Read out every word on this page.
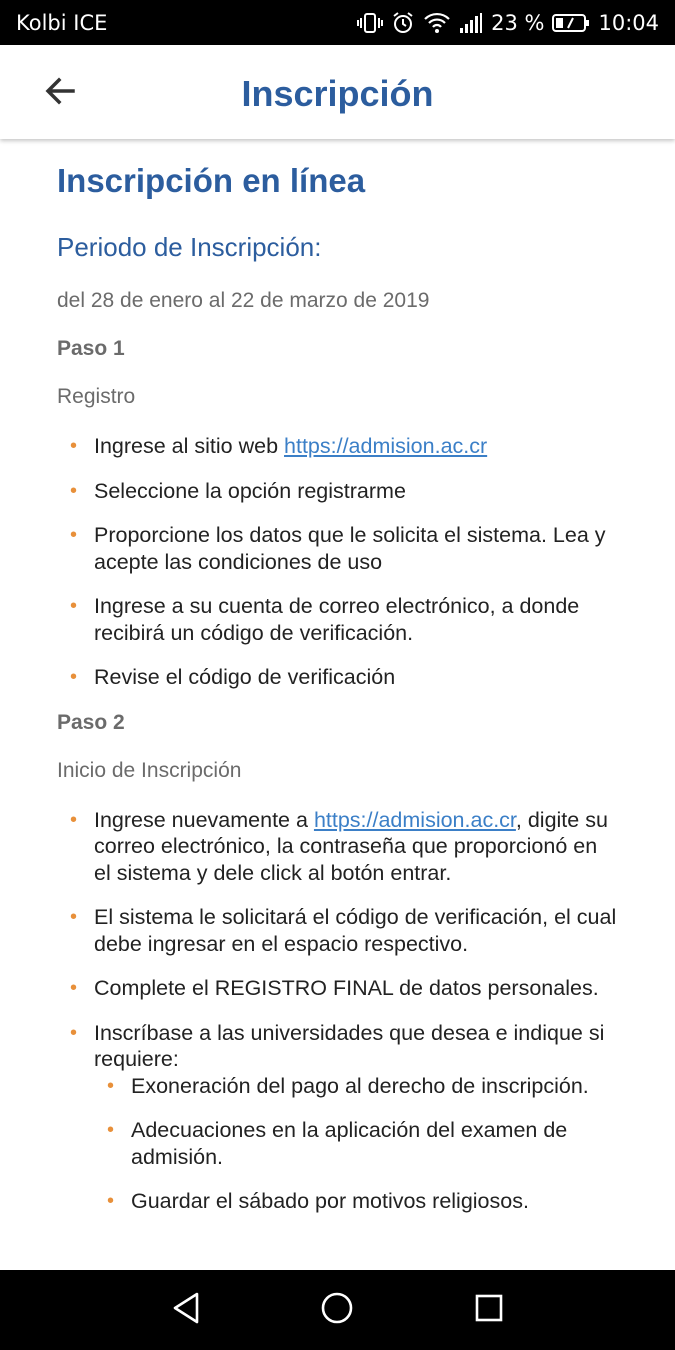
Kolbi ICE	23 %	10:04
Inscripción
Inscripción en línea
Periodo de Inscripción:
del 28 de enero al 22 de marzo de 2019
Paso 1
Registro
• Ingrese al sitio web https://admision.ac.cr
• Seleccione la opción registrarme
• Proporcione los datos que le solicita el sistema. Lea y acepte las condiciones de uso
• Ingrese a su cuenta de correo electrónico, a donde recibirá un código de verificación.
• Revise el código de verificación
Paso 2
Inicio de Inscripción
• Ingrese nuevamente a https://admision.ac.cr, digite su correo electrónico, la contraseña que proporcionó en el sistema y dele click al botón entrar.
• El sistema le solicitará el código de verificación, el cual debe ingresar en el espacio respectivo.
• Complete el REGISTRO FINAL de datos personales.
• Inscríbase a las universidades que desea e indique si requiere:
• Exoneración del pago al derecho de inscripción.
• Adecuaciones en la aplicación del examen de admisión.
• Guardar el sábado por motivos religiosos.
